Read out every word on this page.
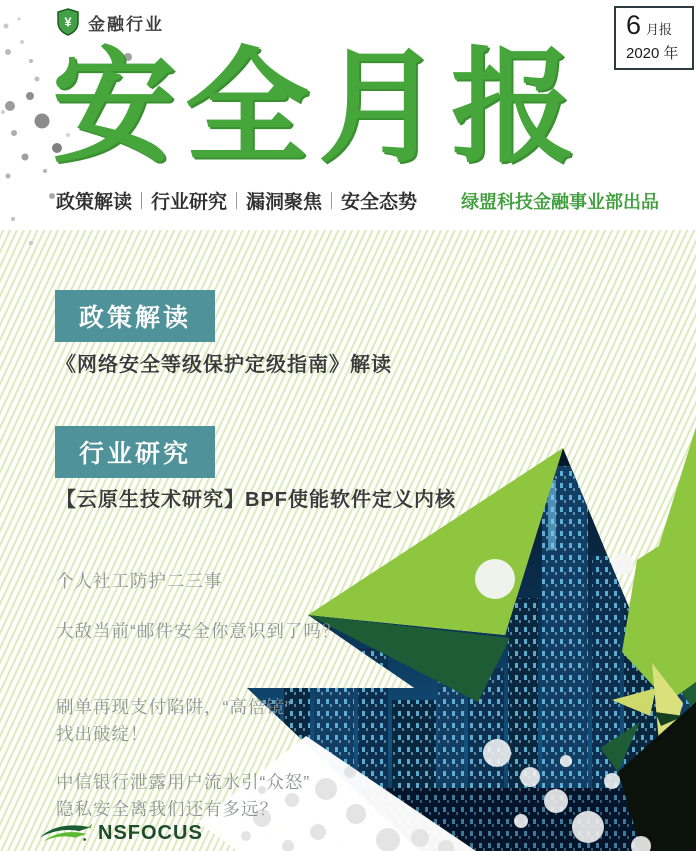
¥ 金融行业	6 月报
2020 年
安全月报
政策解读 行业研究 漏洞聚焦 安全态势 绿盟科技金融事业部出品
政策解读
《网络安全等级保护定级指南》解读
行业研究
【云原生技术研究】BPF使能软件定义内核
个人社工防护二三事
大敌当前“邮件安全你意识到了吗？
刷单再现支付陷阱，“高倍镜”
找出破绽！
中信银行泄露用户流水引“众怒”
隐私安全离我们还有多远？
NSFOCUS
